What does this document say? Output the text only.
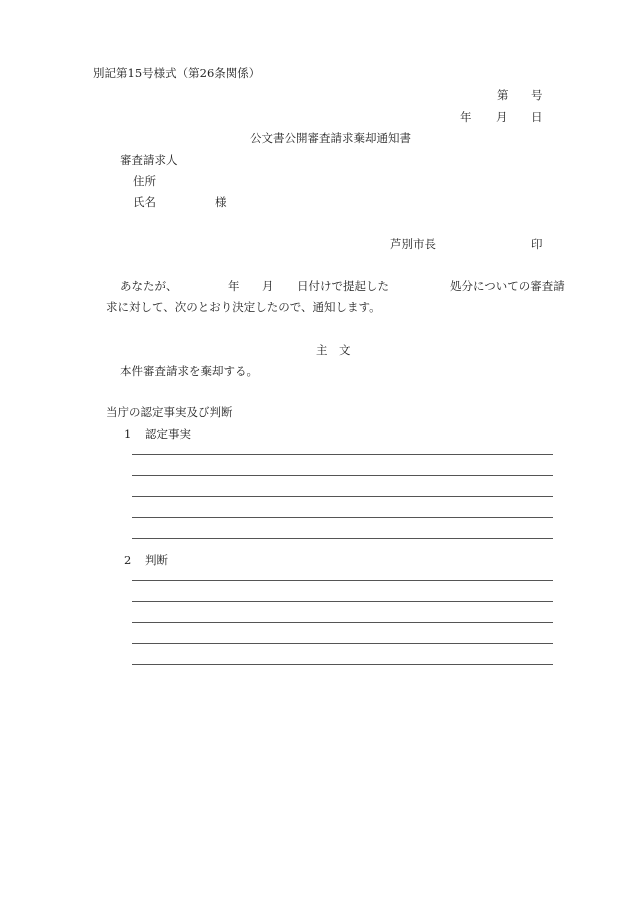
別記第15号様式（第26条関係）
第 号
年 月 日
公文書公開審査請求棄却通知書
審査請求人
住所
氏名	様
芦別市長	印
あなたが、	年 月 日付けで提起した	処分についての審査請
求に対して、次のとおり決定したので、通知します。
主　文
本件審査請求を棄却する。
当庁の認定事実及び判断
1 認定事実
2 判断
